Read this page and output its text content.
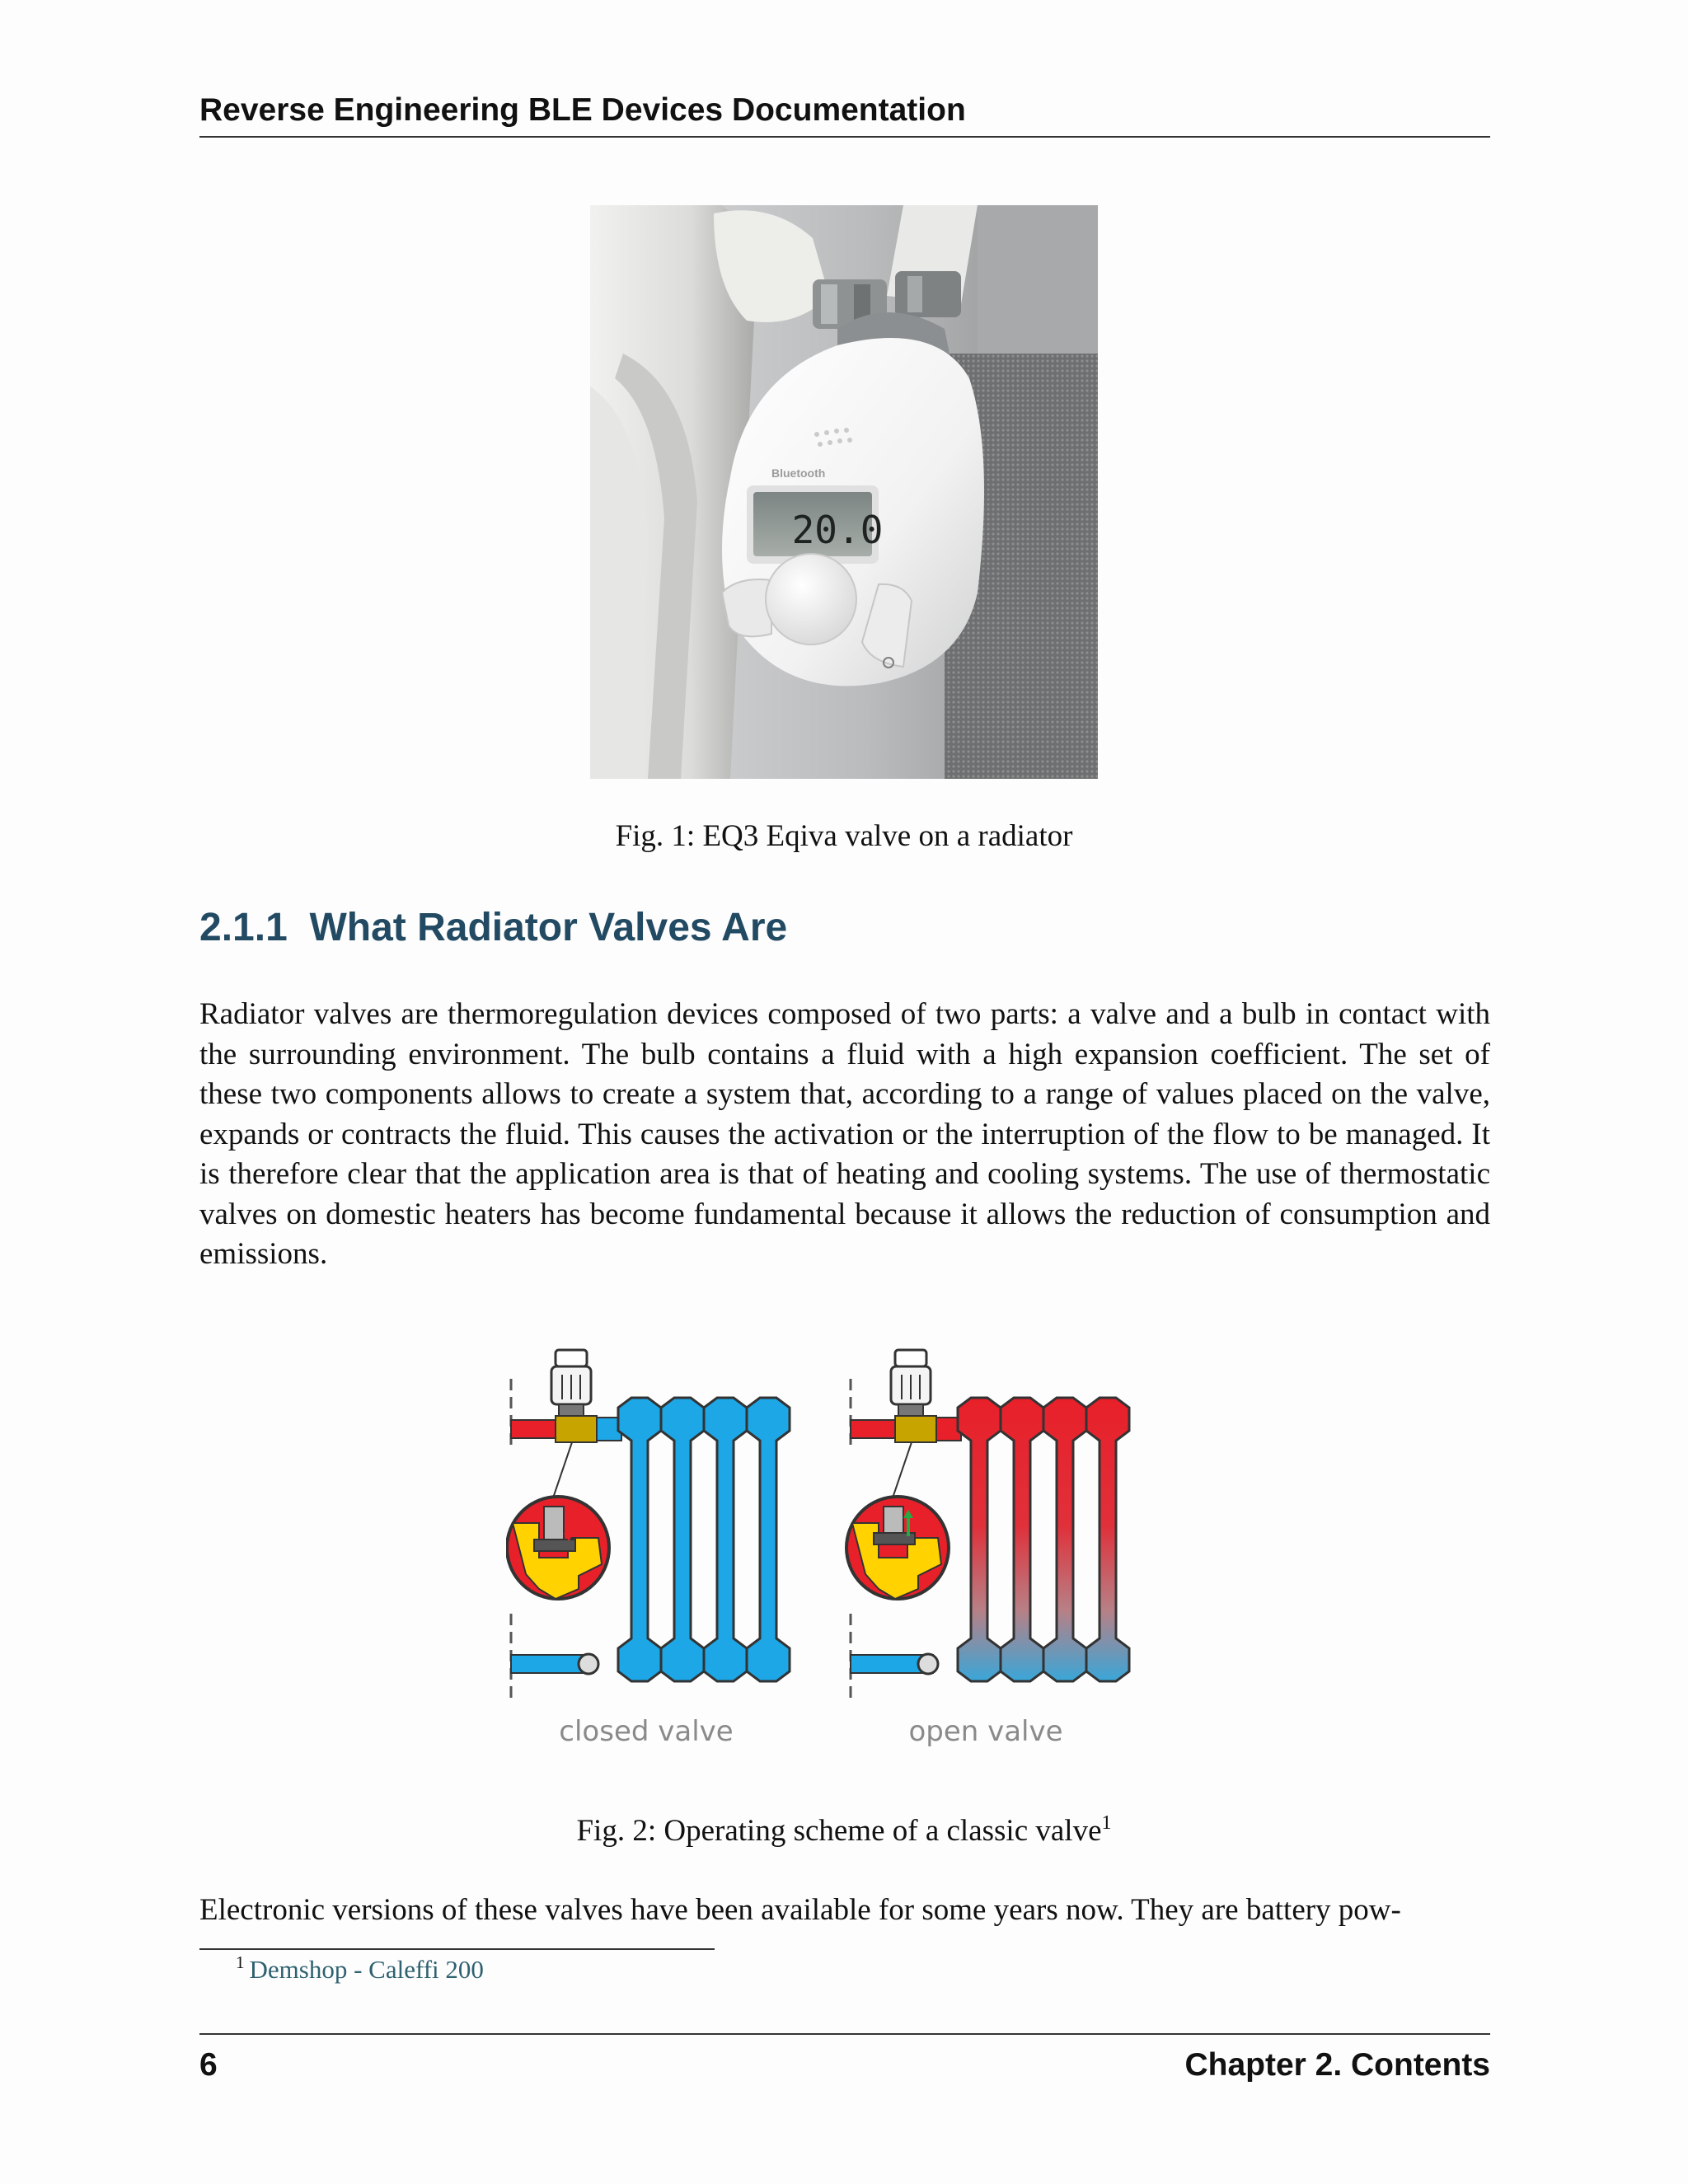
Reverse Engineering BLE Devices Documentation
Bluetooth
20.0
Fig. 1: EQ3 Eqiva valve on a radiator
2.1.1 What Radiator Valves Are
Radiator valves are thermoregulation devices composed of two parts: a valve and a bulb in contact with the surrounding environment. The bulb contains a fluid with a high expansion coefficient. The set of these two components allows to create a system that, according to a range of values placed on the valve, expands or contracts the fluid. This causes the activation or the interruption of the flow to be managed. It is therefore clear that the application area is that of heating and cooling systems. The use of thermostatic valves on domestic heaters has become fundamental because it allows the reduction of consumption and emissions.
closed valve	open valve
Fig. 2: Operating scheme of a classic valve$^1$
Electronic versions of these valves have been available for some years now. They are battery pow-
$^1$ Demshop - Caleffi 200
6	Chapter 2. Contents
